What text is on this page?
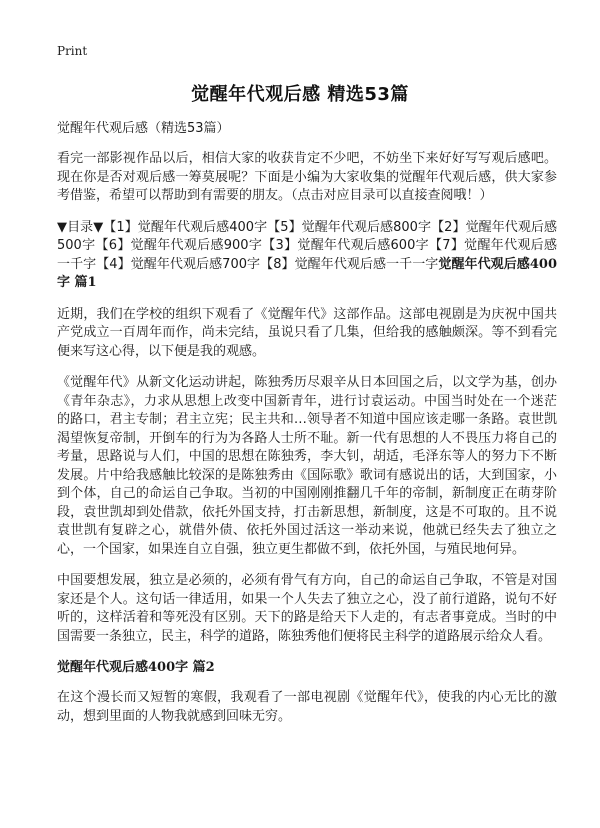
Print
觉醒年代观后感 精选53篇

觉醒年代观后感（精选53篇）

看完一部影视作品以后，相信大家的收获肯定不少吧，不妨坐下来好好写写观后感吧。现在你是否对观后感一筹莫展呢？下面是小编为大家收集的觉醒年代观后感，供大家参考借鉴，希望可以帮助到有需要的朋友。（点击对应目录可以直接查阅哦！）

▼目录▼【1】觉醒年代观后感400字【5】觉醒年代观后感800字【2】觉醒年代观后感500字【6】觉醒年代观后感900字【3】觉醒年代观后感600字【7】觉醒年代观后感一千字【4】觉醒年代观后感700字【8】觉醒年代观后感一千一字觉醒年代观后感400字 篇1

近期，我们在学校的组织下观看了《觉醒年代》这部作品。这部电视剧是为庆祝中国共产党成立一百周年而作，尚未完结，虽说只看了几集，但给我的感触颇深。等不到看完便来写这心得，以下便是我的观感。

《觉醒年代》从新文化运动讲起，陈独秀历尽艰辛从日本回国之后，以文学为基，创办《青年杂志》，力求从思想上改变中国新青年，进行讨袁运动。中国当时处在一个迷茫的路口，君主专制；君主立宪；民主共和…领导者不知道中国应该走哪一条路。袁世凯渴望恢复帝制，开倒车的行为为各路人士所不耻。新一代有思想的人不畏压力将自己的考量，思路说与人们，中国的思想在陈独秀，李大钊，胡适，毛泽东等人的努力下不断发展。片中给我感触比较深的是陈独秀由《国际歌》歌词有感说出的话，大到国家，小到个体，自己的命运自己争取。当初的中国刚刚推翻几千年的帝制，新制度正在萌芽阶段，袁世凯却到处借款，依托外国支持，打击新思想，新制度，这是不可取的。且不说袁世凯有复辟之心，就借外债、依托外国过活这一举动来说，他就已经失去了独立之心，一个国家，如果连自立自强，独立更生都做不到，依托外国，与殖民地何异。

中国要想发展，独立是必须的，必须有骨气有方向，自己的命运自己争取，不管是对国家还是个人。这句话一律适用，如果一个人失去了独立之心，没了前行道路，说句不好听的，这样活着和等死没有区别。天下的路是给天下人走的，有志者事竟成。当时的中国需要一条独立，民主，科学的道路，陈独秀他们便将民主科学的道路展示给众人看。

觉醒年代观后感400字 篇2

在这个漫长而又短暂的寒假，我观看了一部电视剧《觉醒年代》，使我的内心无比的激动，想到里面的人物我就感到回味无穷。
